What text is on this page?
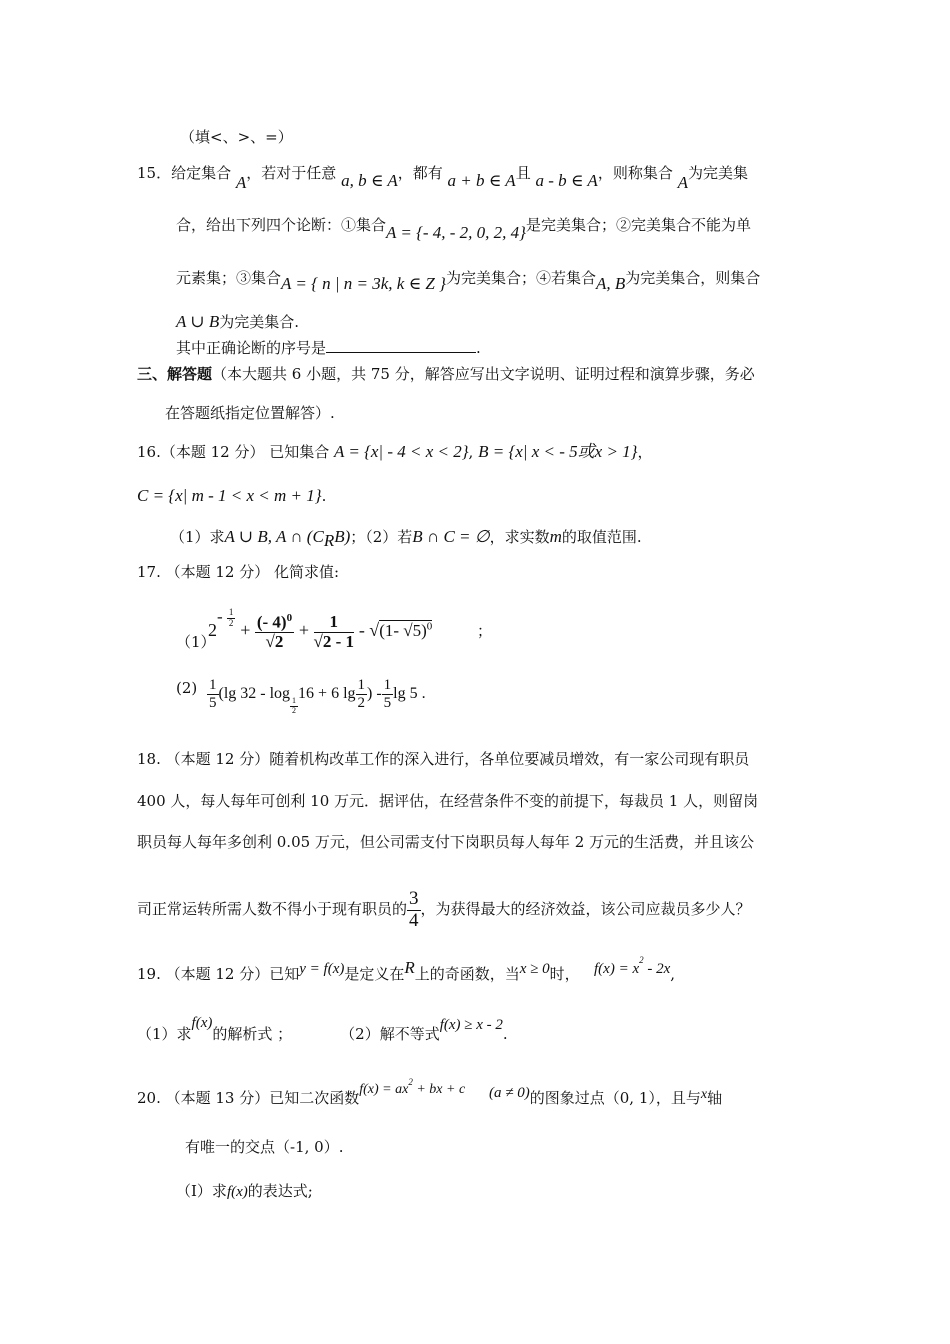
（填<、>、=）
15．给定集合 A，若对于任意 a, b ∈ A，都有 a + b ∈ A且 a - b ∈ A，则称集合 A为完美集
合，给出下列四个论断：①集合A = {- 4, - 2, 0, 2, 4}是完美集合；②完美集合不能为单
元素集；③集合A = { n | n = 3k, k ∈ Z }为完美集合；④若集合A, B为完美集合，则集合
A ∪ B为完美集合.
其中正确论断的序号是	.
三、解答题（本大题共 6 小题，共 75 分，解答应写出文字说明、证明过程和演算步骤，务必
在答题纸指定位置解答）.
16.（本题 12 分） 已知集合 A = {x| - 4 < x < 2}, B = {x| x < - 5或x > 1}，
C = {x| m - 1 < x < m + 1}.
（1）求A ∪ B, A ∩ $(C_RB)$；（2）若B ∩ C = ∅，求实数m的取值范围.
17. （本题 12 分） 化简求值:
（1）
$2^{- \frac{1}{2}}$
+ $\frac{(- 4)^0}{√2} + \frac{1}{√2 - 1} - √(1-$ √5)$^0$	；
$(2) \frac{1}{5} (\lg$ 32 - log
$\frac{1}{2}$
16 + 6 $\lg \frac{1}{2}$ ) - $\frac{1}{5}$ lg 5 .
18. （本题 12 分）随着机构改革工作的深入进行，各单位要减员增效，有一家公司现有职员
400 人，每人每年可创利 10 万元．据评估，在经营条件不变的前提下，每裁员 1 人，则留岗
职员每人每年多创利 0.05 万元，但公司需支付下岗职员每人每年 2 万元的生活费，并且该公
司正常运转所需人数不得小于现有职员的 $\frac{3}{4}$ ，为获得最大的经济效益，该公司应裁员多少人？
19. （本题 12 分）已知y = f(x)是定义在R上的奇函数，当x ≥ 0时， $f(x) = x^2 - 2x$,
（1）求f(x)的解析式 ；	（2）解不等式f(x) ≥ x - 2.
20. （本题 13 分）已知二次函数$f(x) = ax^2$ + bx + c (a ≠ 0)的图象过点（0, 1），且与x轴
有唯一的交点（-1, 0）.
（Ⅰ）求f(x)的表达式;
